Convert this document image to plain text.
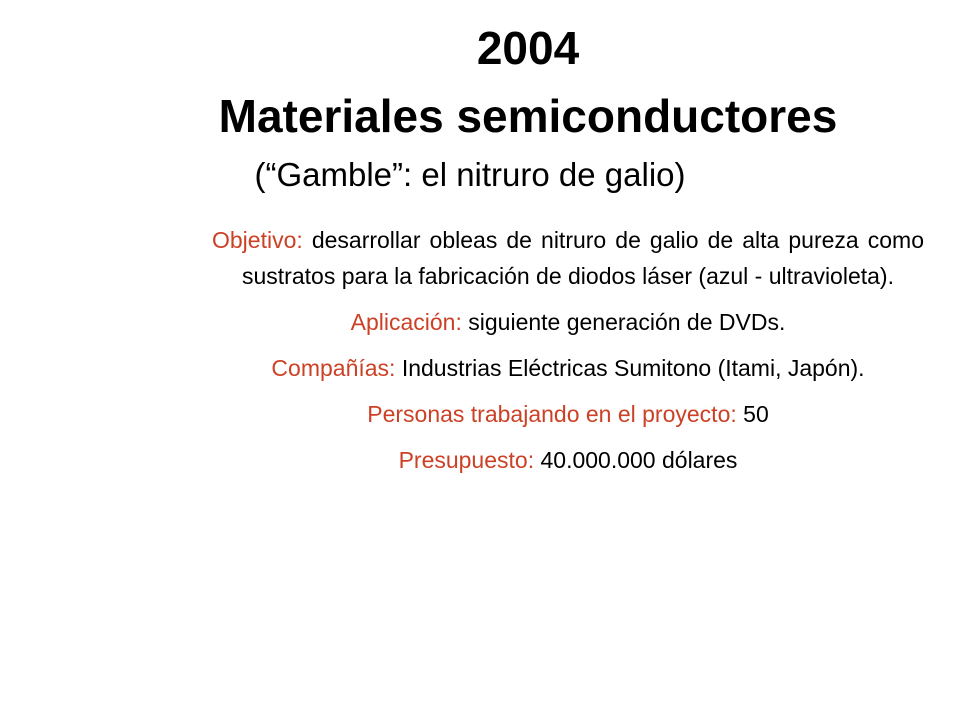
2004
Materiales semiconductores

(“Gamble”: el nitruro de galio)

Objetivo: desarrollar obleas de nitruro de galio de alta pureza como sustratos para la fabricación de diodos láser (azul - ultravioleta).

Aplicación: siguiente generación de DVDs.

Compañías: Industrias Eléctricas Sumitono (Itami, Japón).

Personas trabajando en el proyecto: 50

Presupuesto: 40.000.000 dólares
